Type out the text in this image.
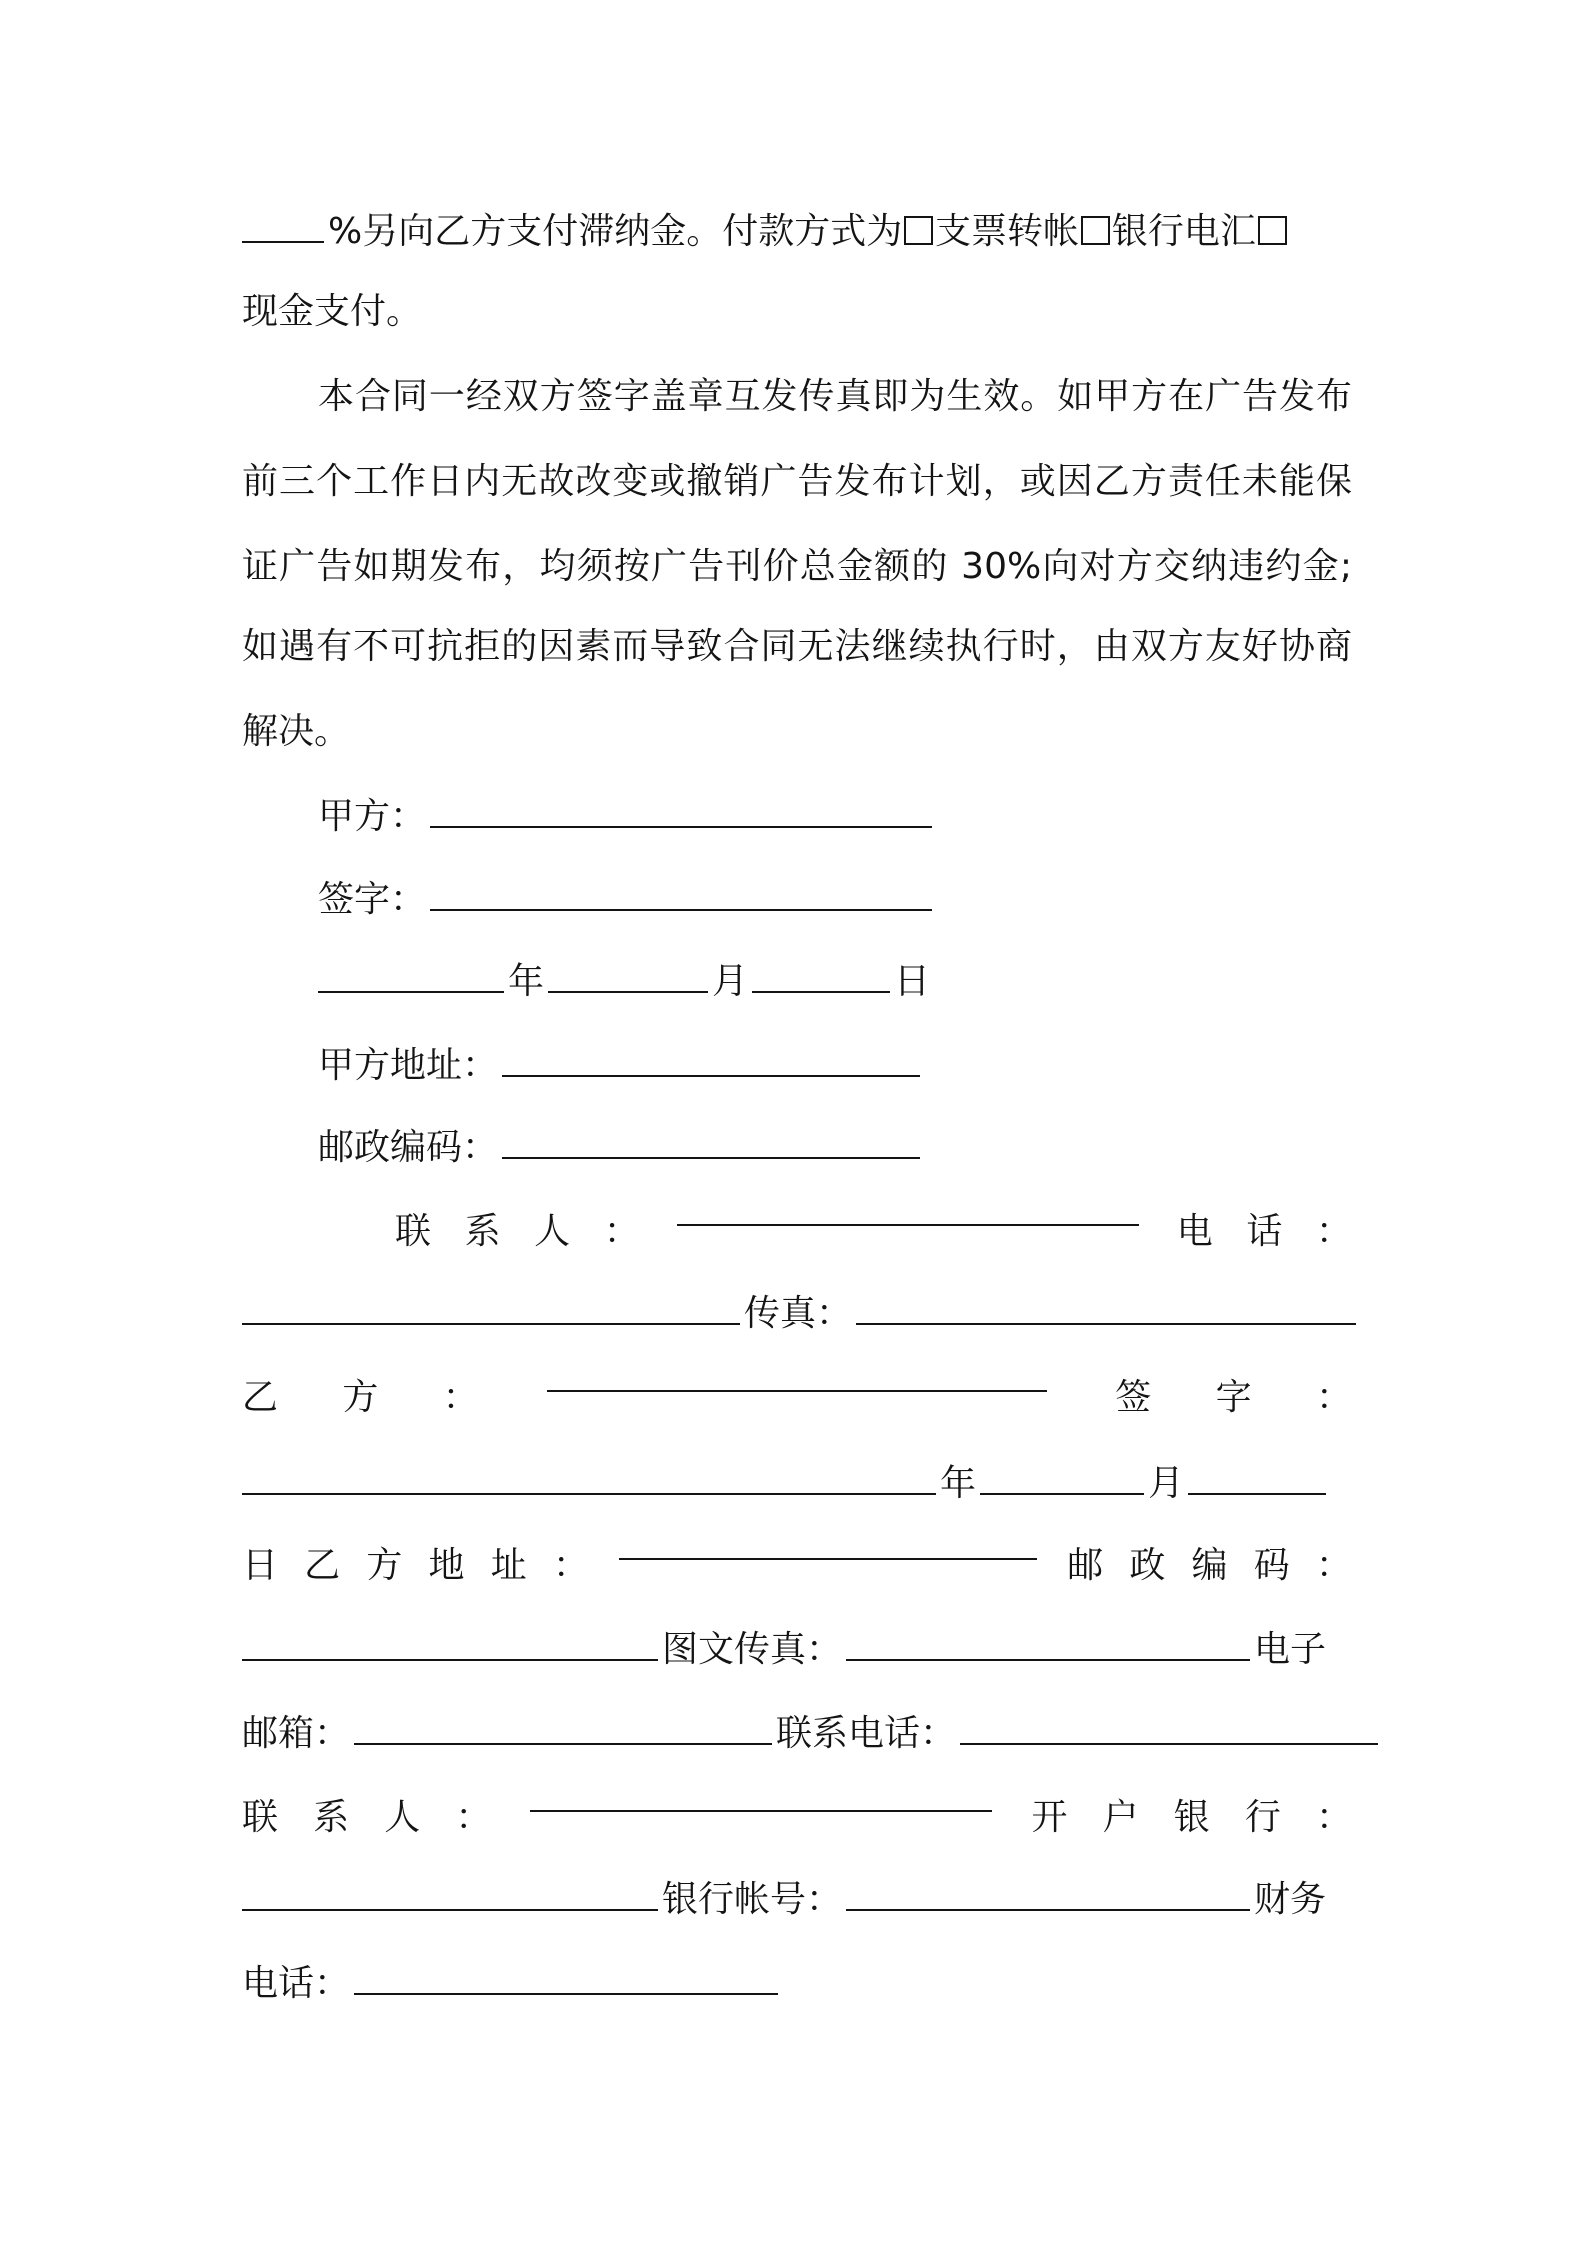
%另向乙方支付滞纳金。付款方式为 支票转帐 银行电汇
现金支付。
本合同一经双方签字盖章互发传真即为生效。如甲方在广告发布
前三个工作日内无故改变或撤销广告发布计划，或因乙方责任未能保
证广告如期发布，均须按广告刊价总金额的 30%向对方交纳违约金;
如遇有不可抗拒的因素而导致合同无法继续执行时，由双方友好协商
解决。
甲方：
签字：
年	月	日
甲方地址：
邮政编码：
联 系 人 ：	电 话 ：
传真：
乙 方 ：	签 字 ：
年	月
日 乙 方 地 址 ：	邮 政 编 码 ：
图文传真：	电子
邮箱：	联系电话：
联 系 人 ：	开 户 银 行 ：
银行帐号：	财务
电话：
